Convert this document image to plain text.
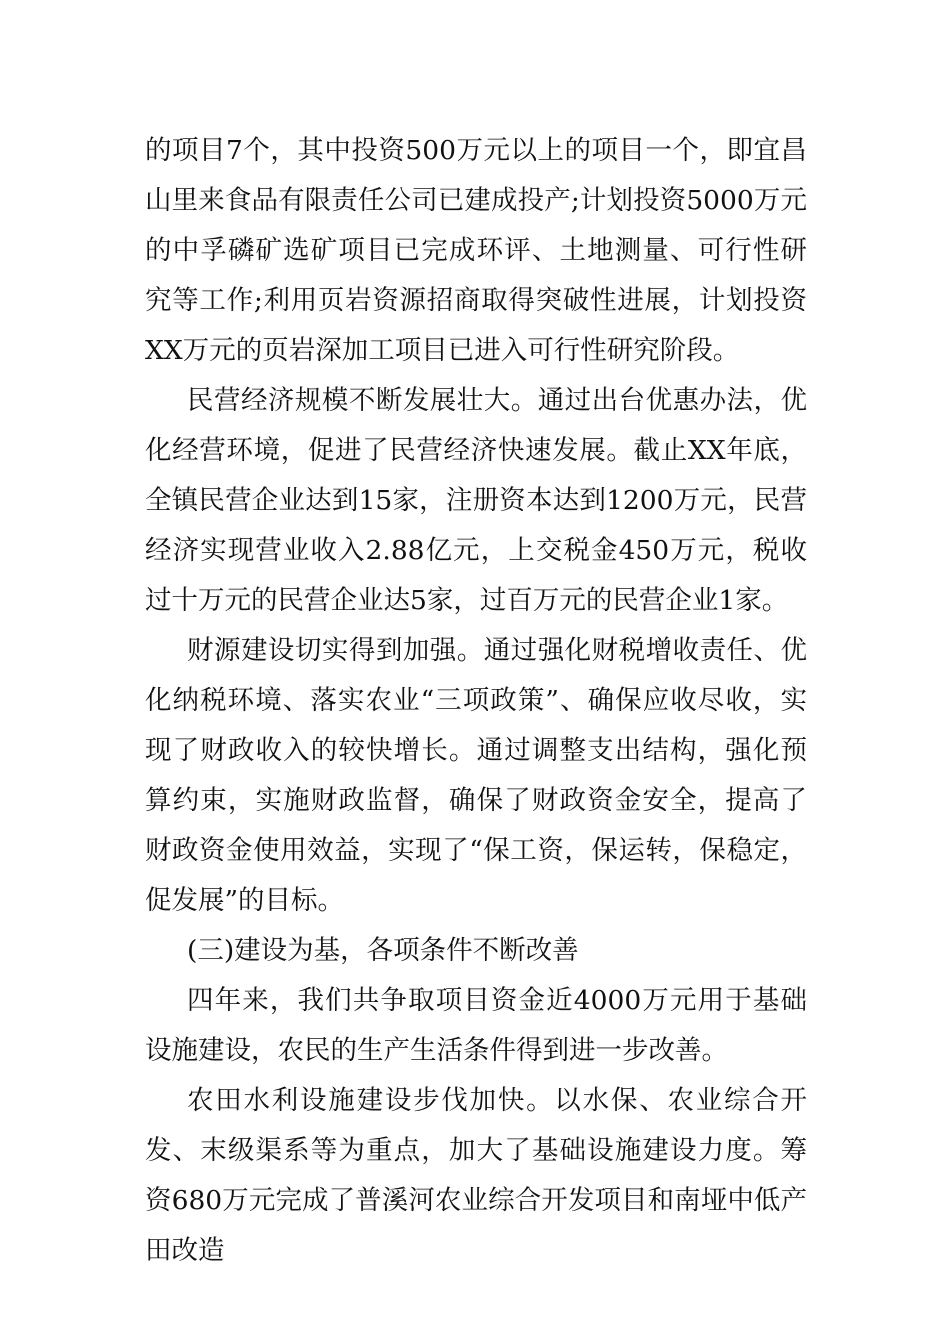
的项目7个，其中投资500万元以上的项目一个，即宜昌山里来食品有限责任公司已建成投产;计划投资5000万元的中孚磷矿选矿项目已完成环评、土地测量、可行性研究等工作;利用页岩资源招商取得突破性进展，计划投资XX万元的页岩深加工项目已进入可行性研究阶段。

民营经济规模不断发展壮大。通过出台优惠办法，优化经营环境，促进了民营经济快速发展。截止XX年底，全镇民营企业达到15家，注册资本达到1200万元，民营经济实现营业收入2.88亿元，上交税金450万元，税收过十万元的民营企业达5家，过百万元的民营企业1家。

财源建设切实得到加强。通过强化财税增收责任、优化纳税环境、落实农业“三项政策”、确保应收尽收，实现了财政收入的较快增长。通过调整支出结构，强化预算约束，实施财政监督，确保了财政资金安全，提高了财政资金使用效益，实现了“保工资，保运转，保稳定，促发展”的目标。

(三)建设为基，各项条件不断改善

四年来，我们共争取项目资金近4000万元用于基础设施建设，农民的生产生活条件得到进一步改善。

农田水利设施建设步伐加快。以水保、农业综合开发、末级渠系等为重点，加大了基础设施建设力度。筹资680万元完成了普溪河农业综合开发项目和南垭中低产田改造
